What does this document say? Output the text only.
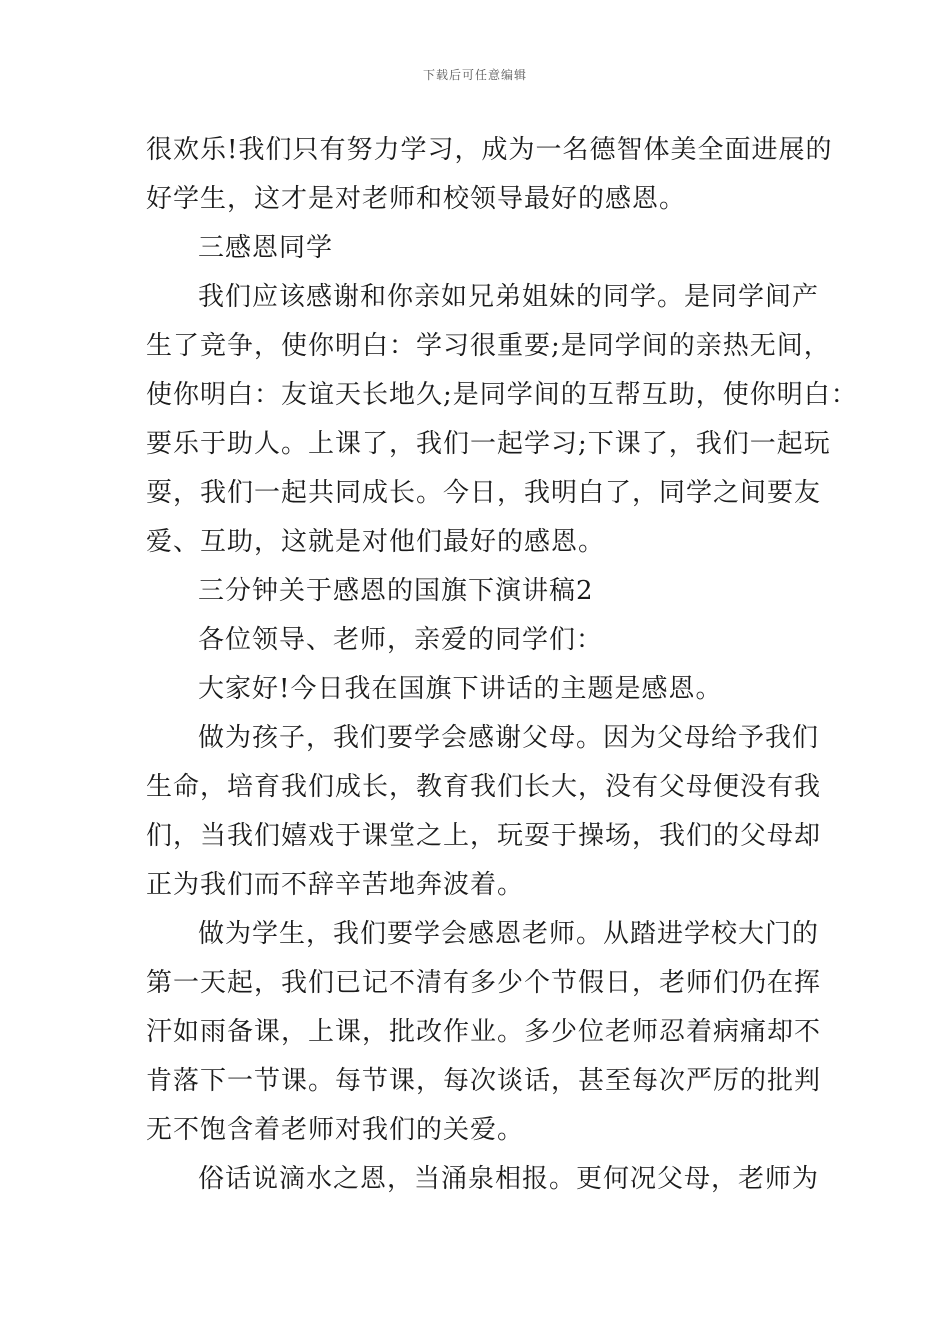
下载后可任意编辑
很欢乐!我们只有努力学习，成为一名德智体美全面进展的
好学生，这才是对老师和校领导最好的感恩。
三感恩同学
我们应该感谢和你亲如兄弟姐妹的同学。是同学间产
生了竞争，使你明白：学习很重要;是同学间的亲热无间，
使你明白：友谊天长地久;是同学间的互帮互助，使你明白：
要乐于助人。上课了，我们一起学习;下课了，我们一起玩
耍，我们一起共同成长。今日，我明白了，同学之间要友
爱、互助，这就是对他们最好的感恩。
三分钟关于感恩的国旗下演讲稿2
各位领导、老师，亲爱的同学们：
大家好!今日我在国旗下讲话的主题是感恩。
做为孩子，我们要学会感谢父母。因为父母给予我们
生命，培育我们成长，教育我们长大，没有父母便没有我
们，当我们嬉戏于课堂之上，玩耍于操场，我们的父母却
正为我们而不辞辛苦地奔波着。
做为学生，我们要学会感恩老师。从踏进学校大门的
第一天起，我们已记不清有多少个节假日，老师们仍在挥
汗如雨备课，上课，批改作业。多少位老师忍着病痛却不
肯落下一节课。每节课，每次谈话，甚至每次严厉的批判
无不饱含着老师对我们的关爱。
俗话说滴水之恩，当涌泉相报。更何况父母，老师为
